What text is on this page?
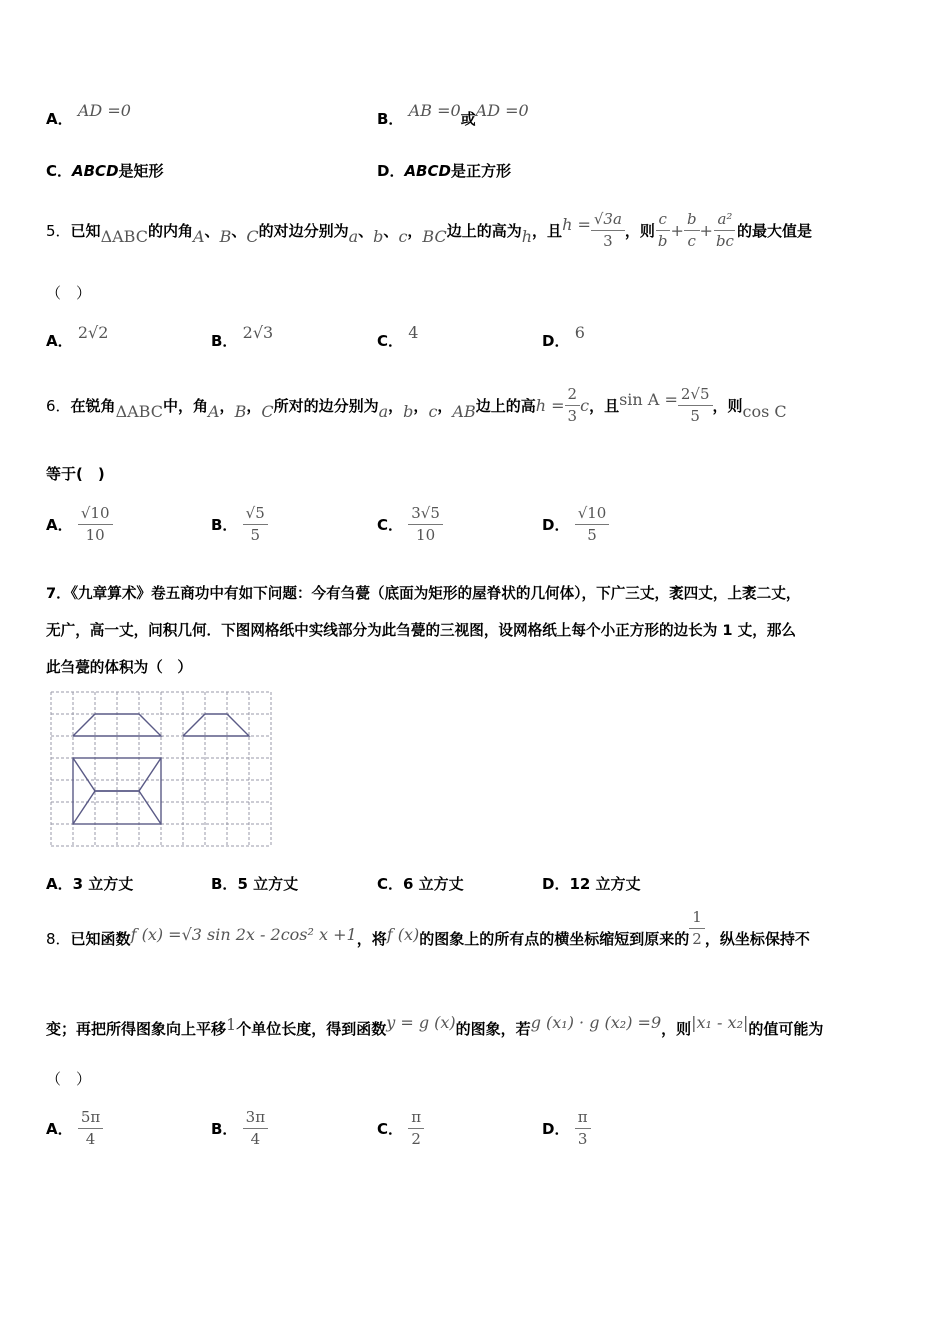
A． AD =0	B． AB =0或AD =0
C．ABCD是矩形	D．ABCD是正方形
5． 已知 ΔABC 的内角 A 、 B 、 C 的对边分别为 a 、 b 、 c ， BC 边上的高为 h ，且 $h = \frac{√3a}{3}$ ，则 $\frac{c}{b} + \frac{b}{c} + \frac{\text{a²}}{bc}$ 的最大值是
（　）
A． 2√2	B． 2√3	C． 4	D． 6
6． 在锐角 ΔABC 中，角 A ， B ， C 所对的边分别为 a ， b ， c ， AB 边上的高 $h = \frac{2}{3}$ c ，且 $\sin A = \frac{2√5}{5}$ ，则 cos C
等于(　)
A．
$\frac{√10}{10}$	B．
$\frac{√5}{5}$	C．
$\frac{3√5}{10}$	D．
$\frac{√10}{5}$
7．《九章算术》卷五商功中有如下问题：今有刍甍（底面为矩形的屋脊状的几何体），下广三丈，袤四丈，上袤二丈，
无广，高一丈，问积几何．下图网格纸中实线部分为此刍甍的三视图，设网格纸上每个小正方形的边长为 1 丈，那么
此刍甍的体积为（　）
A．3 立方丈	B．5 立方丈	C．6 立方丈	D．12 立方丈
8． 已知函数 f (x) =√3 sin 2x - 2cos² x +1 ，将 f (x) 的图象上的所有点的横坐标缩短到原来的 $\frac{1}{2}$ ，纵坐标保持不
变；再把所得图象向上平移 1 个单位长度，得到函数 y = g (x) 的图象，若 g (x₁) · g (x₂) =9 ，则 |x₁ - x₂| 的值可能为
（　）
A．
$\frac{5\pi}{4}$	B．
$\frac{3\pi}{4}$	C．
$\frac{\pi}{2}$	D．
$\frac{\pi}{3}$
